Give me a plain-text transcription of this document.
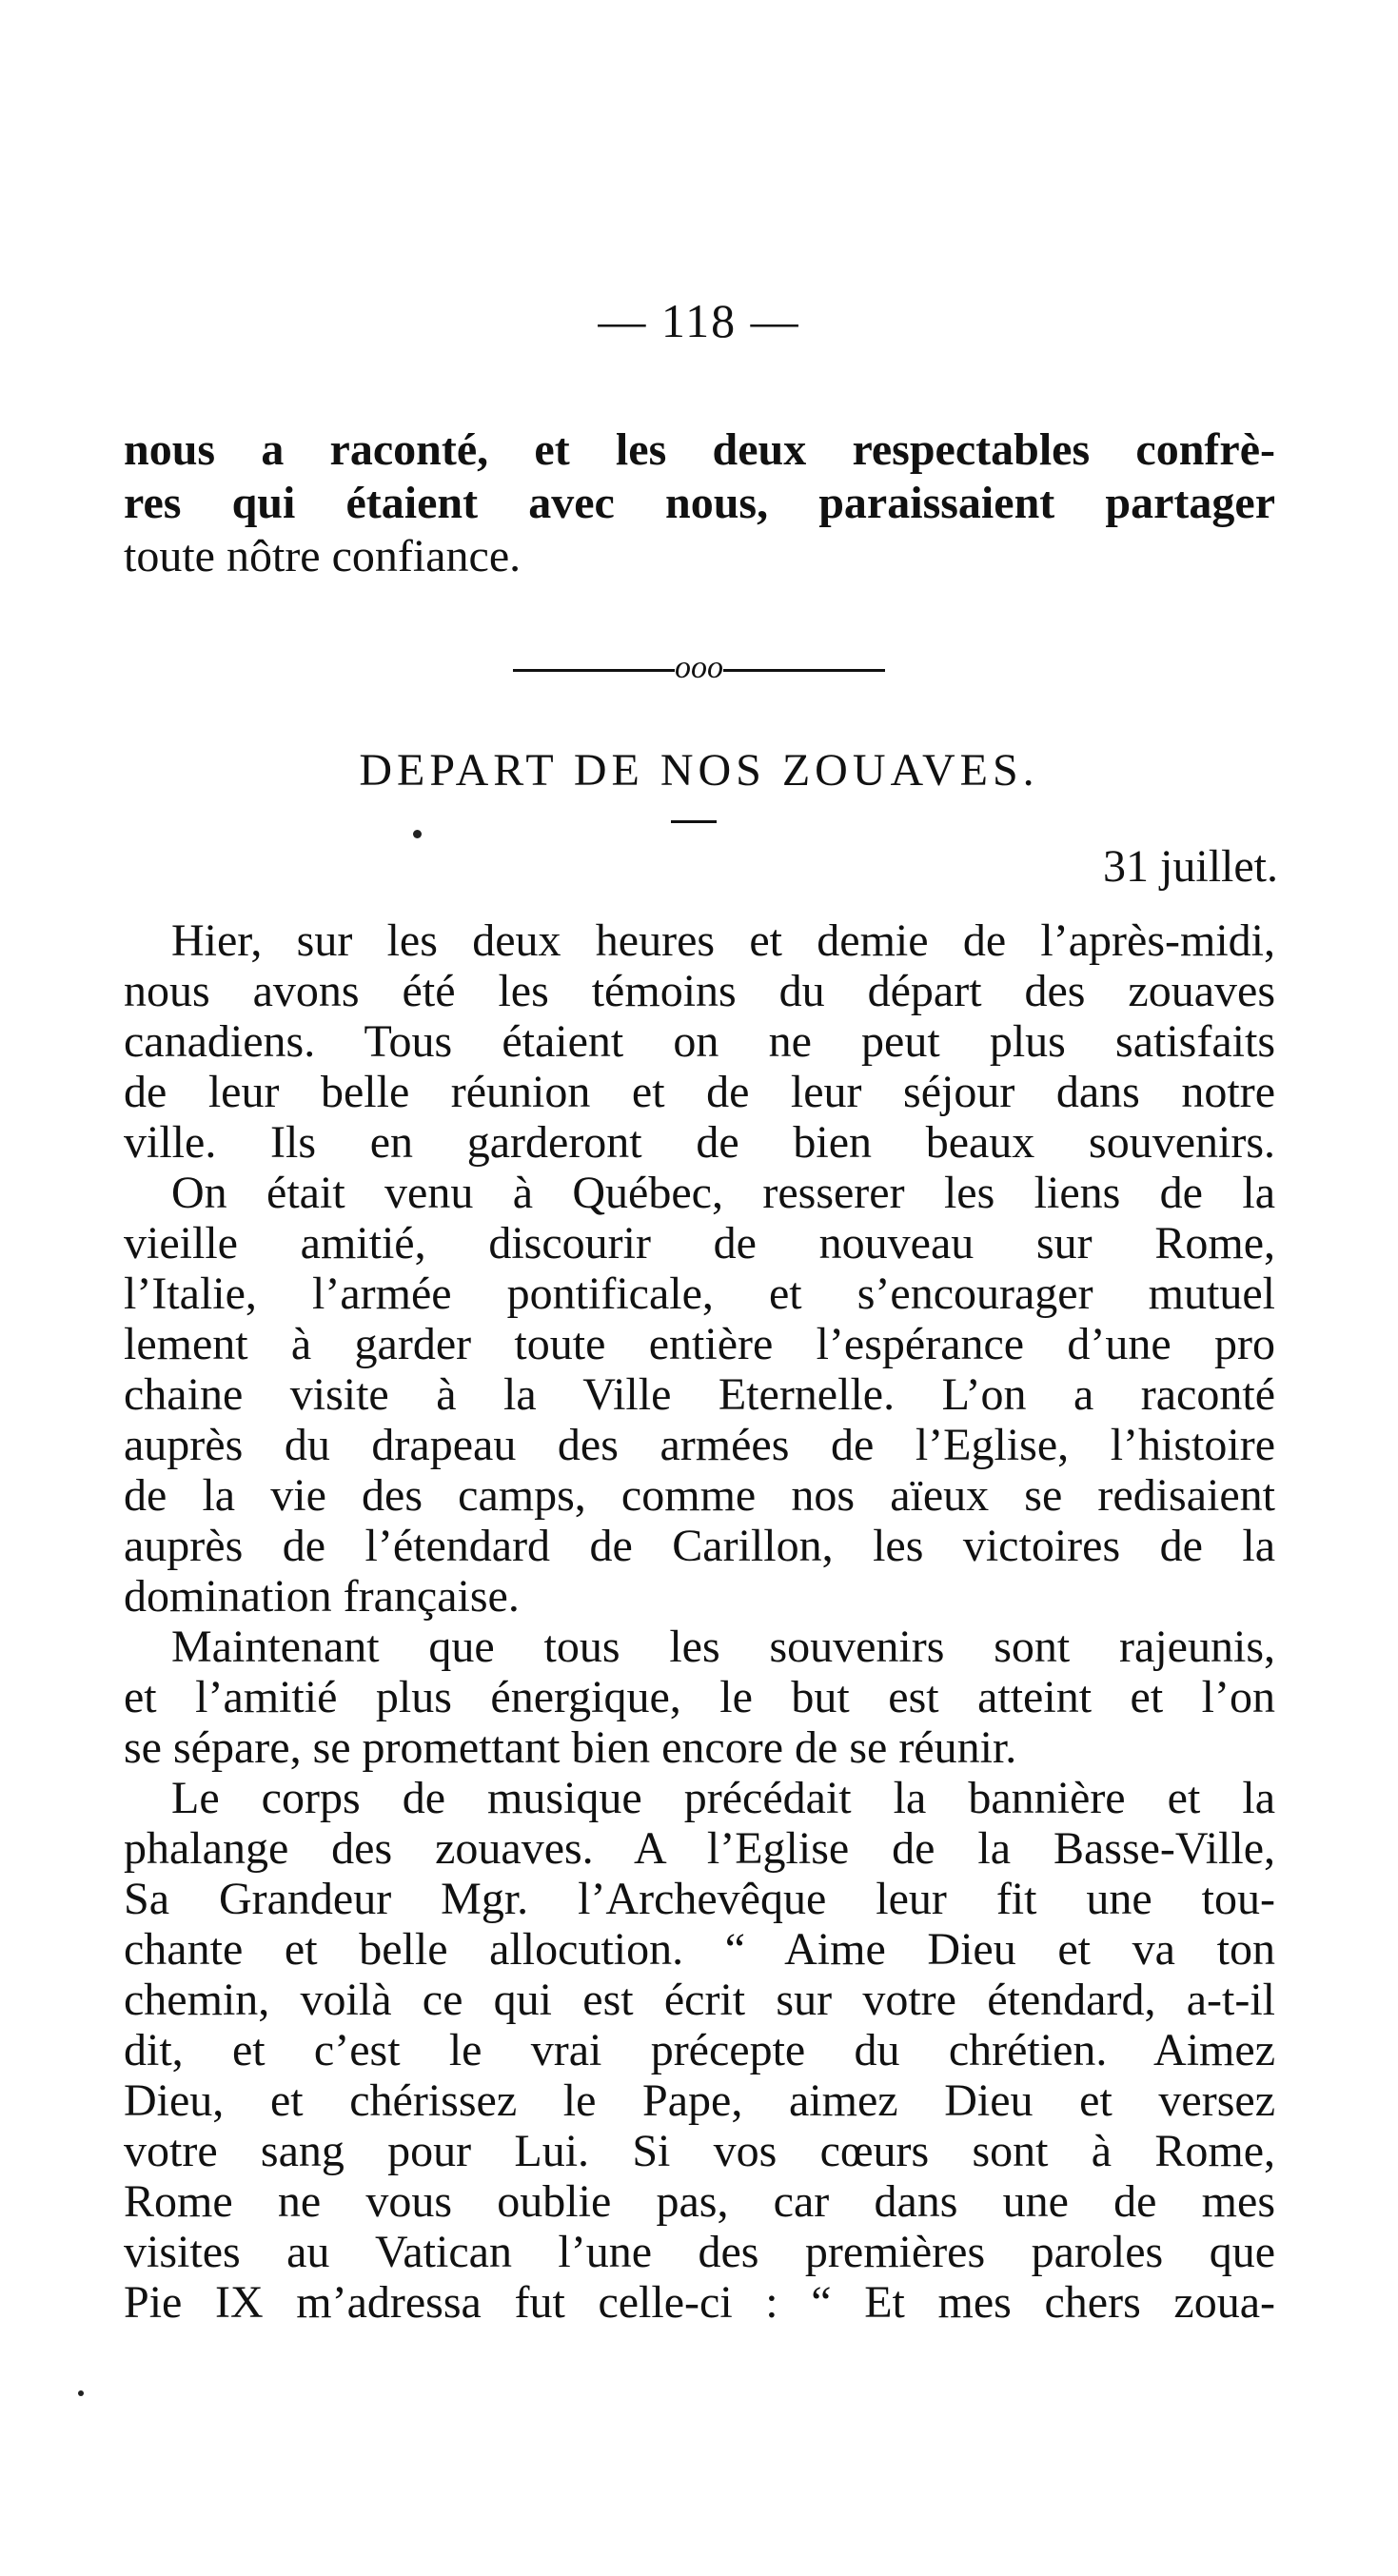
— 118 —
nous a raconté, et les deux respectables confrè-
res qui étaient avec nous, paraissaient partager
toute nôtre confiance.
ooo
DEPART DE NOS ZOUAVES.
31 juillet.
Hier, sur les deux heures et demie de l’après-midi,
nous avons été les témoins du départ des zouaves
canadiens. Tous étaient on ne peut plus satisfaits
de leur belle réunion et de leur séjour dans notre
ville. Ils en garderont de bien beaux souvenirs.
On était venu à Québec, resserer les liens de la
vieille amitié, discourir de nouveau sur Rome,
l’Italie, l’armée pontificale, et s’encourager mutuel
lement à garder toute entière l’espérance d’une pro
chaine visite à la Ville Eternelle. L’on a raconté
auprès du drapeau des armées de l’Eglise, l’histoire
de la vie des camps, comme nos aïeux se redisaient
auprès de l’étendard de Carillon, les victoires de la
domination française.
Maintenant que tous les souvenirs sont rajeunis,
et l’amitié plus énergique, le but est atteint et l’on
se sépare, se promettant bien encore de se réunir.
Le corps de musique précédait la bannière et la
phalange des zouaves. A l’Eglise de la Basse-Ville,
Sa Grandeur Mgr. l’Archevêque leur fit une tou-
chante et belle allocution. “ Aime Dieu et va ton
chemin, voilà ce qui est écrit sur votre étendard, a-t-il
dit, et c’est le vrai précepte du chrétien. Aimez
Dieu, et chérissez le Pape, aimez Dieu et versez
votre sang pour Lui. Si vos cœurs sont à Rome,
Rome ne vous oublie pas, car dans une de mes
visites au Vatican l’une des premières paroles que
Pie IX m’adressa fut celle-ci : “ Et mes chers zoua-
